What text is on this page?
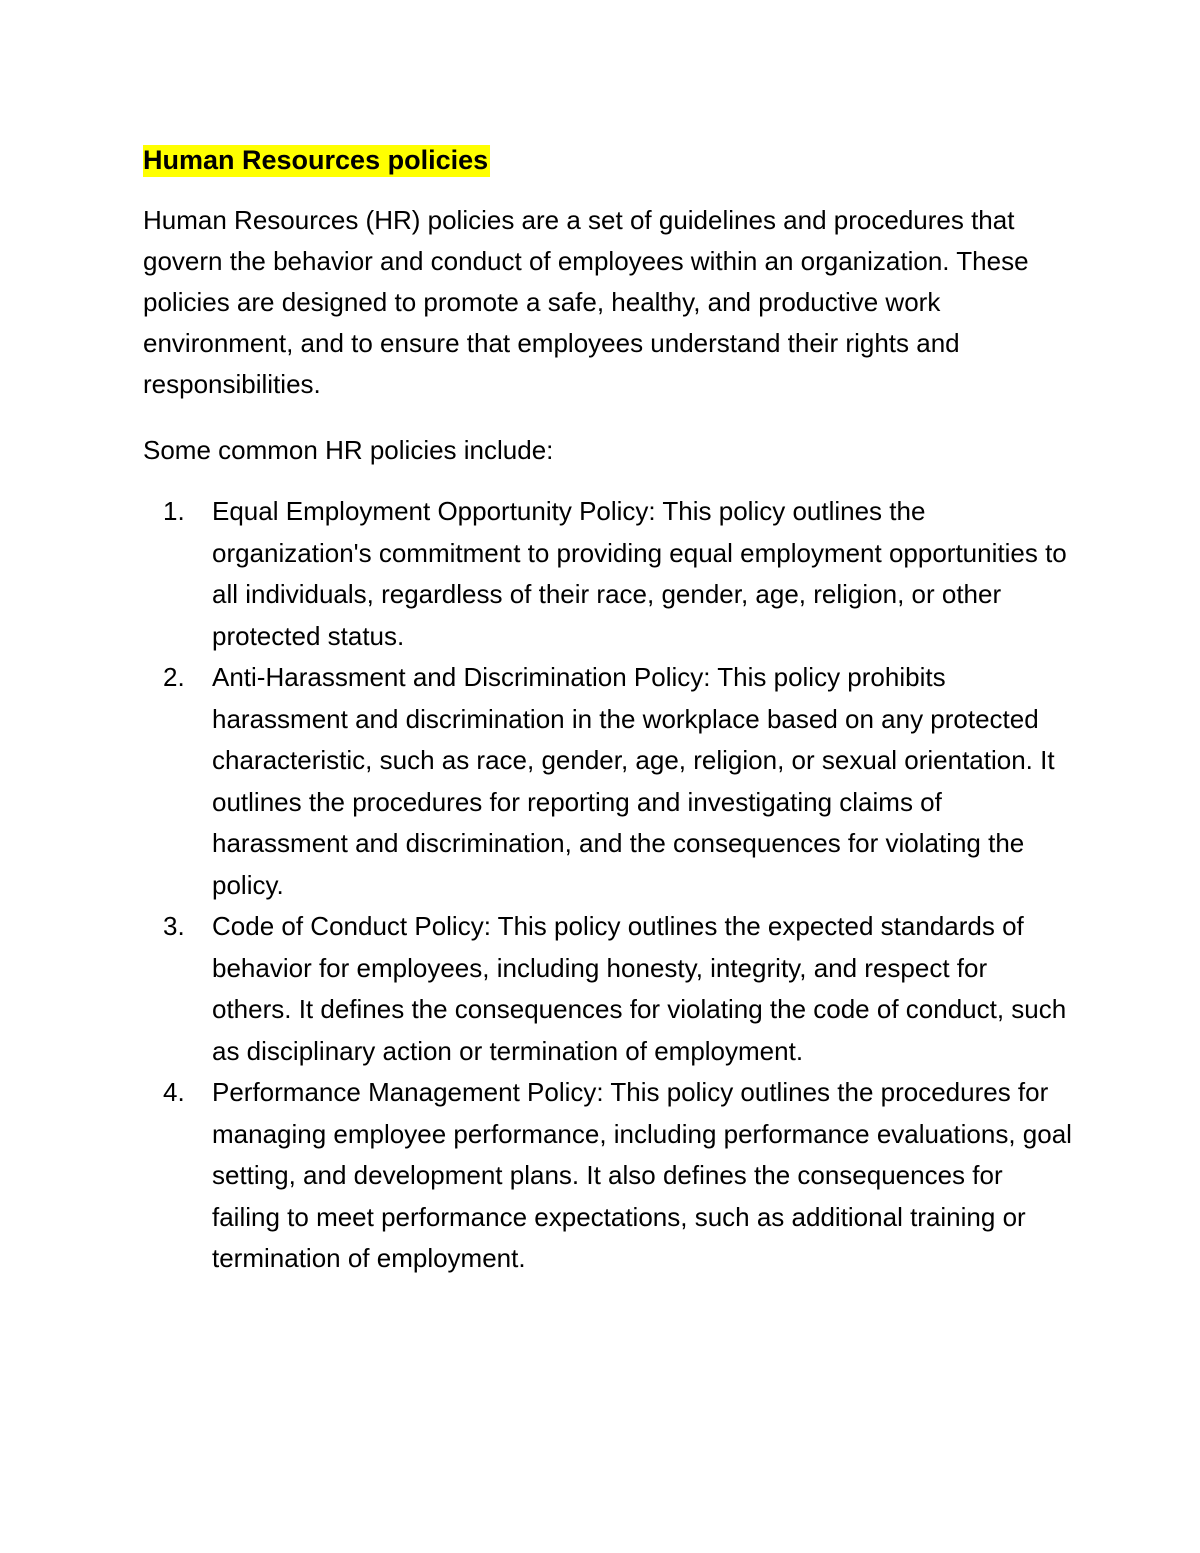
Human Resources policies

Human Resources (HR) policies are a set of guidelines and procedures that govern the behavior and conduct of employees within an organization. These policies are designed to promote a safe, healthy, and productive work environment, and to ensure that employees understand their rights and responsibilities.

Some common HR policies include:

1. Equal Employment Opportunity Policy: This policy outlines the organization's commitment to providing equal employment opportunities to all individuals, regardless of their race, gender, age, religion, or other protected status.
2. Anti-Harassment and Discrimination Policy: This policy prohibits harassment and discrimination in the workplace based on any protected characteristic, such as race, gender, age, religion, or sexual orientation. It outlines the procedures for reporting and investigating claims of harassment and discrimination, and the consequences for violating the policy.
3. Code of Conduct Policy: This policy outlines the expected standards of behavior for employees, including honesty, integrity, and respect for others. It defines the consequences for violating the code of conduct, such as disciplinary action or termination of employment.
4. Performance Management Policy: This policy outlines the procedures for managing employee performance, including performance evaluations, goal setting, and development plans. It also defines the consequences for failing to meet performance expectations, such as additional training or termination of employment.
